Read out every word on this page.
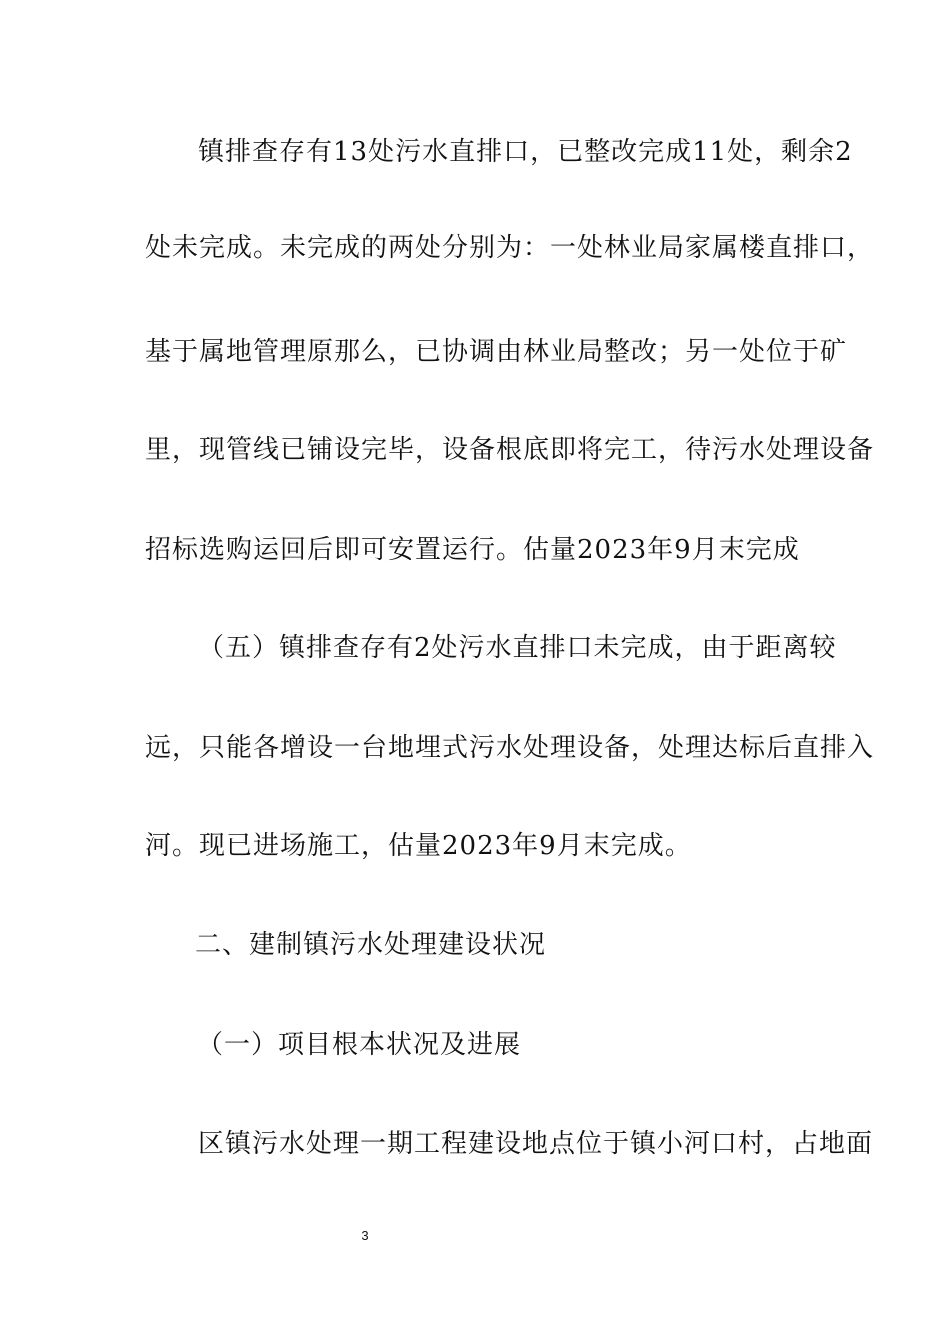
镇排查存有13处污水直排口，已整改完成11处，剩余2
处未完成。未完成的两处分别为：一处林业局家属楼直排口，
基于属地管理原那么，已协调由林业局整改；另一处位于矿
里，现管线已铺设完毕，设备根底即将完工，待污水处理设备
招标选购运回后即可安置运行。估量2023年9月末完成
（五）镇排查存有2处污水直排口未完成，由于距离较
远，只能各增设一台地埋式污水处理设备，处理达标后直排入
河。现已进场施工，估量2023年9月末完成。
二、建制镇污水处理建设状况
（一）项目根本状况及进展
区镇污水处理一期工程建设地点位于镇小河口村，占地面
3
